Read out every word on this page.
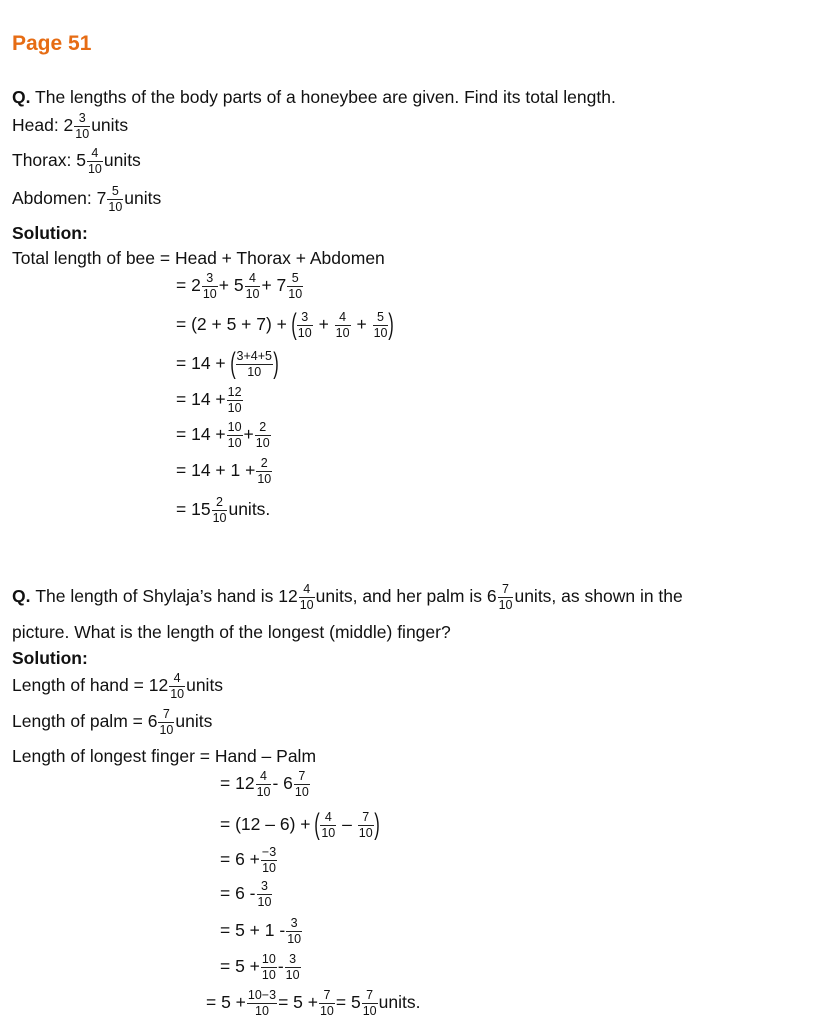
Page 51
Q. The lengths of the body parts of a honeybee are given. Find its total length.
Head: $2 \frac{3}{10}$ units
Thorax: $5 \frac{4}{10}$ units
Abdomen: $7 \frac{5}{10}$ units
Solution:
Total length of bee = Head + Thorax + Abdomen
= $2 \frac{3}{10} + 5 \frac{4}{10} + 7 \frac{5}{10}$
= (2 + 5 + 7) +
( $\frac{3}{10}$
+
$\frac{4}{10}$
+
$\frac{5}{10}$ )
= 14 +
( $\frac{3+4+5}{10}$ )
= $14 + \frac{12}{10}$
= $14 + \frac{10}{10} + \frac{2}{10}$
= $14 + 1 + \frac{2}{10}$
= $15 \frac{2}{10}$ units.
Q.
The length of Shylaja’s hand is $12 \frac{4}{10}$ units, and her palm is $6 \frac{7}{10}$ units, as shown in the
picture. What is the length of the longest (middle) finger?
Solution:
Length of hand = $12 \frac{4}{10}$ units
Length of palm = $6 \frac{7}{10}$ units
Length of longest finger = Hand – Palm
= $12 \frac{4}{10} - 6 \frac{7}{10}$
= (12 – 6) +
( $\frac{4}{10}$
–
$\frac{7}{10}$ )
= $6 + \frac{-3}{10}$
= $6 - \frac{3}{10}$
= $5 + 1 - \frac{3}{10}$
= $5 + \frac{10}{10} - \frac{3}{10}$
= $5 + \frac{10-3}{10} = 5 + \frac{7}{10} = 5 \frac{7}{10}$ units.
